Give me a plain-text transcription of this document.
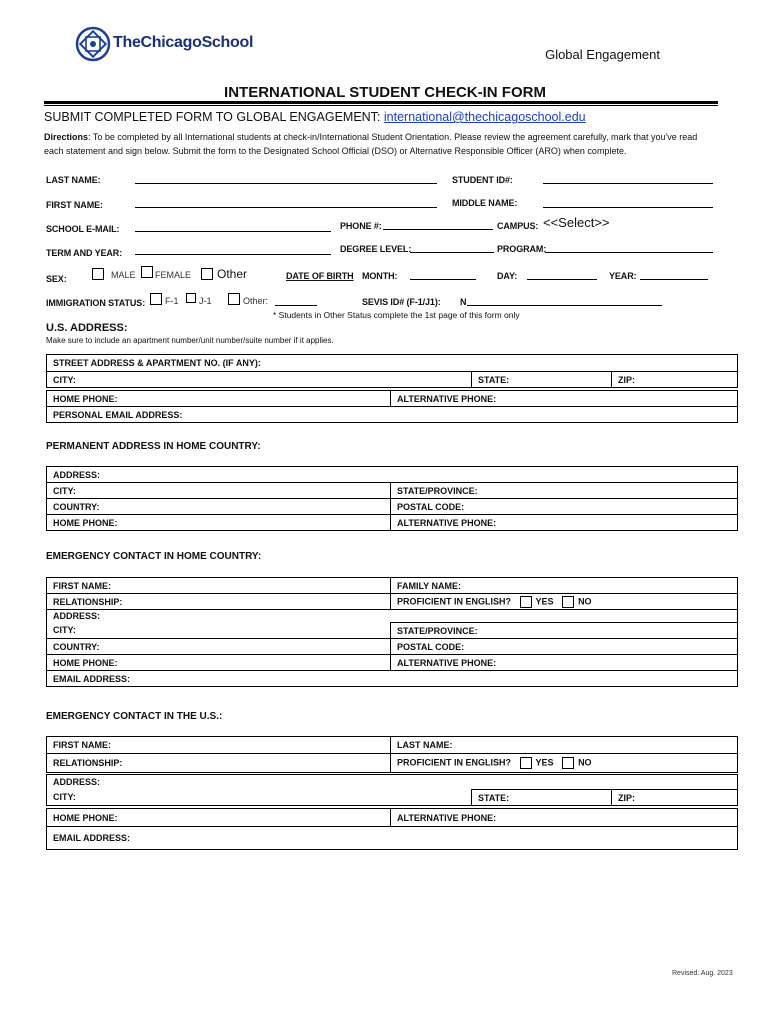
TheChicagoSchool
Global Engagement
INTERNATIONAL STUDENT CHECK-IN FORM
SUBMIT COMPLETED FORM TO GLOBAL ENGAGEMENT: international@thechicagoschool.edu
Directions: To be completed by all International students at check-in/International Student Orientation. Please review the agreement carefully, mark that you've read each statement and sign below. Submit the form to the Designated School Official (DSO) or Alternative Responsible Officer (ARO) when complete.
LAST NAME:	STUDENT ID#:
FIRST NAME:	MIDDLE NAME:
SCHOOL E-MAIL:	PHONE #:	CAMPUS: <<Select>>
TERM AND YEAR:	DEGREE LEVEL:	PROGRAM:
SEX:	MALE FEMALE Other	DATE OF BIRTH MONTH:	DAY:	YEAR:
IMMIGRATION STATUS: F-1 J-1	Other:	SEVIS ID# (F-1/J1): N
* Students in Other Status complete the 1st page of this form only
U.S. ADDRESS:
Make sure to include an apartment number/unit number/suite number if it applies.
STREET ADDRESS & APARTMENT NO. (IF ANY):
CITY:	STATE:	ZIP:
HOME PHONE:	ALTERNATIVE PHONE:
PERSONAL EMAIL ADDRESS:
PERMANENT ADDRESS IN HOME COUNTRY:
ADDRESS:	
CITY:	STATE/PROVINCE:
COUNTRY:	POSTAL CODE:
HOME PHONE:	ALTERNATIVE PHONE:
EMERGENCY CONTACT IN HOME COUNTRY:
FIRST NAME:	FAMILY NAME:
RELATIONSHIP:	PROFICIENT IN ENGLISH? YES NO
ADDRESS:	
CITY:	STATE/PROVINCE:
COUNTRY:	POSTAL CODE:
HOME PHONE:	ALTERNATIVE PHONE:
EMAIL ADDRESS:	
EMERGENCY CONTACT IN THE U.S.:
FIRST NAME:	LAST NAME:
RELATIONSHIP:	PROFICIENT IN ENGLISH? YES NO
ADDRESS:
CITY:	STATE:	ZIP:
HOME PHONE:	ALTERNATIVE PHONE:
EMAIL ADDRESS:
Revised: Aug. 2023
